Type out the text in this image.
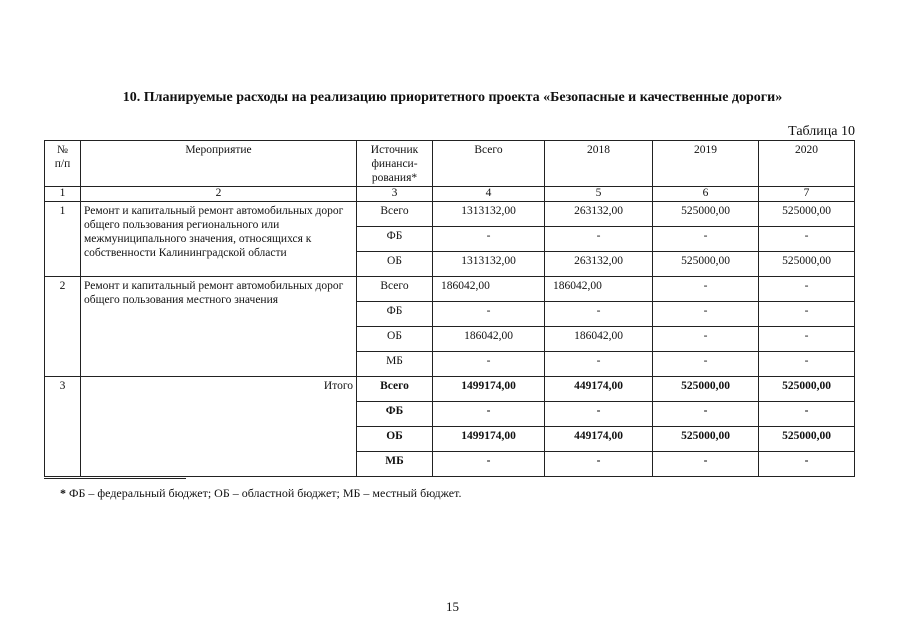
10. Планируемые расходы на реализацию приоритетного проекта «Безопасные и качественные дороги»
Таблица 10
№
п/п	Мероприятие	Источник
финанси-
рования*	Всего	2018	2019	2020
1	2	3	4	5	6	7
1	Ремонт и капитальный ремонт автомобильных дорог общего пользования регионального или межмуниципального значения, относящихся к собственности Калининградской области	Всего	1313132,00	263132,00	525000,00	525000,00
		ФБ	-	-	-	-
		ОБ	1313132,00	263132,00	525000,00	525000,00
2	Ремонт и капитальный ремонт автомобильных дорог общего пользования местного значения	Всего	186042,00	186042,00	-	-
		ФБ	-	-	-	-
		ОБ	186042,00	186042,00	-	-
		МБ	-	-	-	-
3	Итого	Всего	1499174,00	449174,00	525000,00	525000,00
		ФБ	-	-	-	-
		ОБ	1499174,00	449174,00	525000,00	525000,00
		МБ	-	-	-	-
* ФБ – федеральный бюджет; ОБ – областной бюджет; МБ – местный бюджет.
15
